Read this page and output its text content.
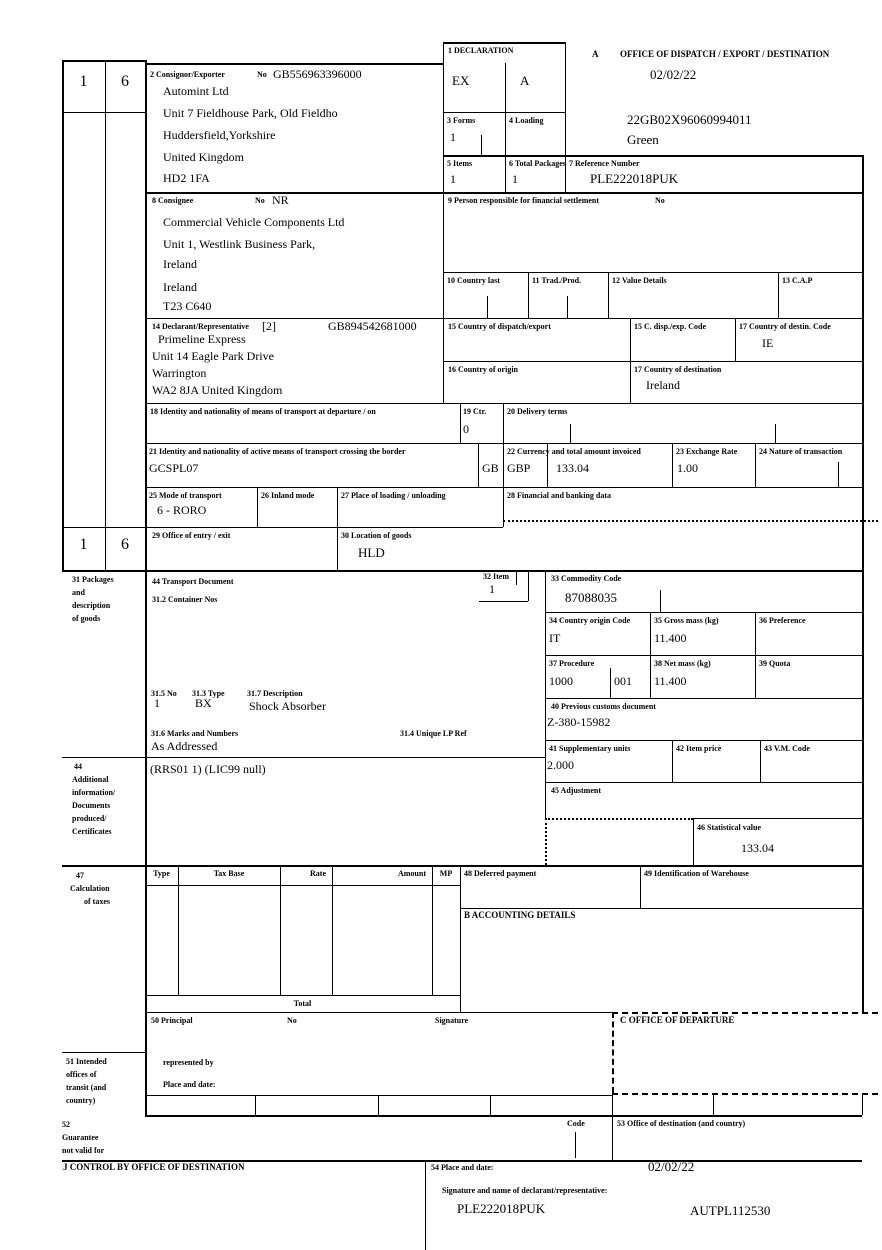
1	6
1	6
A OFFICE OF DISPATCH / EXPORT / DESTINATION
02/02/22
22GB02X96060994011
Green
1 DECLARATION
EX	A
3 Forms
1
4 Loading
5 Items
1
6 Total Packages
1
7 Reference Number
PLE222018PUK
2 Consignor/Exporter	No GB556963396000
Automint Ltd
Unit 7 Fieldhouse Park, Old Fieldho
Huddersfield,Yorkshire
United Kingdom
HD2 1FA
8 Consignee	No NR
Commercial Vehicle Components Ltd
Unit 1, Westlink Business Park,
Ireland
Ireland
T23 C640
9 Person responsible for financial settlement	No
10 Country last	11 Trad./Prod.	12 Value Details	13 C.A.P
14 Declarant/Representative [2]	GB894542681000
Primeline Express
Unit 14 Eagle Park Drive
Warrington
WA2 8JA United Kingdom
15 Country of dispatch/export	15 C. disp./exp. Code	17 Country of destin. Code
IE
16 Country of origin	17 Country of destination
Ireland
18 Identity and nationality of means of transport at departure / on	19 Ctr.
0
20 Delivery terms
21 Identity and nationality of active means of transport crossing the border
GCSPL07	GB
22 Currency and total amount invoiced
GBP 133.04
23 Exchange Rate
1.00
24 Nature of transaction
25 Mode of transport
6 - RORO
26 Inland mode	27 Place of loading / unloading	28 Financial and banking data
29 Office of entry / exit	30 Location of goods
HLD
31 Packages
and
description
of goods
44
Additional
information/
Documents
produced/
Certificates
47
Calculation
of taxes
51 Intended
offices of
transit (and
country)
52
Guarantee
not valid for
44 Transport Document
31.2 Container Nos
32 Item
1
33 Commodity Code
87088035
34 Country origin Code
IT
35 Gross mass (kg)
11.400
36 Preference
37 Procedure
1000	001
38 Net mass (kg)
11.400
39 Quota
31.5 No
1
31.3 Type
BX
31.7 Description
Shock Absorber
31.6 Marks and Numbers
As Addressed
31.4 Unique LP Ref
40 Previous customs document
Z-380-15982
41 Supplementary units
2.000
42 Item price	43 V.M. Code
(RRS01 1) (LIC99 null)
45 Adjustment
46 Statistical value
133.04
Type	Tax Base	Rate	Amount	MP
Total
48 Deferred payment	49 Identification of Warehouse
B ACCOUNTING DETAILS
50 Principal	No	Signature
represented by
Place and date:
C OFFICE OF DEPARTURE
Code	53 Office of destination (and country)
J CONTROL BY OFFICE OF DESTINATION	54 Place and date:	02/02/22
Signature and name of declarant/representative:
PLE222018PUK	AUTPL112530
